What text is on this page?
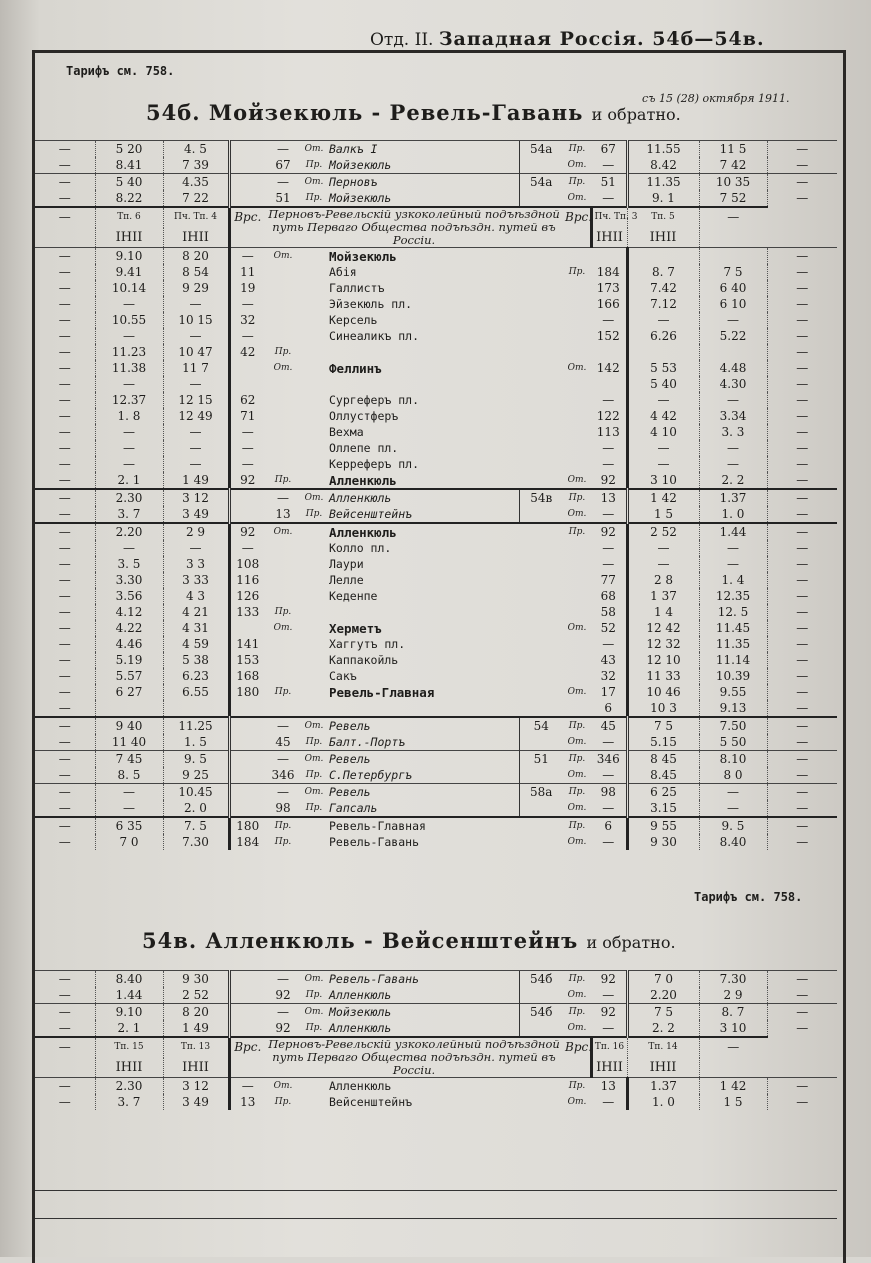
Отд. II. Западная Россія. 54б—54в.
Тарифъ см. 758.
съ 15 (28) октября 1911.
54б. Мойзекюль - Ревель-Гавань и обратно.
—	5 20	4. 5		—	От.	Валкъ I	54а	Пр.	67	11.55	11 5	—
—	8.41	7 39		67	Пр.	Мойзекюль		От.	—	8.42	7 42	—
—	5 40	4.35		—	От.	Перновъ	54а	Пр.	51	11.35	10 35	—
—	8.22	7 22		51	Пр.	Мойзекюль		От.	—	9. 1	7 52	—
—	Тп. 6	Пч. Тп. 4	Врс.	Перновъ-Ревельскій узкоколейный подъѣздной путь Перваго Общества подъѣздн. путей въ Россіи.				Врс.	Пч. Тп. 3	Тп. 5	—	
	IНII	IНII							IНII	IНII		
—	9.10	8 20	—	От.		Мойзекюль						—
—	9.41	8 54	11			Абія		Пр.	184	8. 7	7 5	—
—	10.14	9 29	19			Галлистъ			173	7.42	6 40	—
—	—	—	—			Эйзекюль пл.			166	7.12	6 10	—
—	10.55	10 15	32			Керсель			—	—	—	—
—	—	—	—			Синеаликъ пл.			152	6.26	5.22	—
—	11.23	10 47	42	Пр.								—
—	11.38	11 7		От.		Феллинъ		От.	142	5 53	4.48	—
—	—	—								5 40	4.30	—
—	12.37	12 15	62			Сургеферъ пл.			—	—	—	—
—	1. 8	12 49	71			Оллустферъ			122	4 42	3.34	—
—	—	—	—			Вехма			113	4 10	3. 3	—
—	—	—	—			Оллепе пл.			—	—	—	—
—	—	—	—			Керреферъ пл.			—	—	—	—
—	2. 1	1 49	92	Пр.		Алленкюль		От.	92	3 10	2. 2	—
—	2.30	3 12		—	От.	Алленкюль	54в	Пр.	13	1 42	1.37	—
—	3. 7	3 49		13	Пр.	Вейсенштейнъ		От.	—	1 5	1. 0	—
—	2.20	2 9	92	От.		Алленкюль		Пр.	92	2 52	1.44	—
—	—	—	—			Колло пл.			—	—	—	—
—	3. 5	3 3	108			Лаури			—	—	—	—
—	3.30	3 33	116			Лелле			77	2 8	1. 4	—
—	3.56	4 3	126			Кеденпе			68	1 37	12.35	—
—	4.12	4 21	133	Пр.					58	1 4	12. 5	—
—	4.22	4 31		От.		Херметъ		От.	52	12 42	11.45	—
—	4.46	4 59	141			Хаггутъ пл.			—	12 32	11.35	—
—	5.19	5 38	153			Каппакойль			43	12 10	11.14	—
—	5.57	6.23	168			Сакъ			32	11 33	10.39	—
—	6 27	6.55	180	Пр.		Ревель-Главная		От.	17	10 46	9.55	—
—									6	10 3	9.13	—
—	9 40	11.25		—	От.	Ревель	54	Пр.	45	7 5	7.50	—
—	11 40	1. 5		45	Пр.	Балт.-Портъ		От.	—	5.15	5 50	—
—	7 45	9. 5		—	От.	Ревель	51	Пр.	346	8 45	8.10	—
—	8. 5	9 25		346	Пр.	С.Петербургъ		От.	—	8.45	8 0	—
—	—	10.45		—	От.	Ревель	58а	Пр.	98	6 25	—	—
—	—	2. 0		98	Пр.	Гапсаль		От.	—	3.15	—	—
—	6 35	7. 5	180	Пр.		Ревель-Главная		Пр.	6	9 55	9. 5	—
—	7 0	7.30	184	Пр.		Ревель-Гавань		От.	—	9 30	8.40	—
Тарифъ см. 758.
54в. Алленкюль - Вейсенштейнъ и обратно.
—	8.40	9 30		—	От.	Ревель-Гавань	54б	Пр.	92	7 0	7.30	—
—	1.44	2 52		92	Пр.	Алленкюль		От.	—	2.20	2 9	—
—	9.10	8 20		—	От.	Мойзекюль	54б	Пр.	92	7 5	8. 7	—
—	2. 1	1 49		92	Пр.	Алленкюль		От.	—	2. 2	3 10	—
—	Тп. 15	Тп. 13	Врс.	Перновъ-Ревельскій узкоколейный подъѣздной путь Перваго Общества подъѣздн. путей въ Россіи.				Врс.	Тп. 16	Тп. 14	—	
	IНII	IНII							IНII	IНII		
—	2.30	3 12	—	От.		Алленкюль		Пр.	13	1.37	1 42	—
—	3. 7	3 49	13	Пр.		Вейсенштейнъ		От.	—	1. 0	1 5	—
